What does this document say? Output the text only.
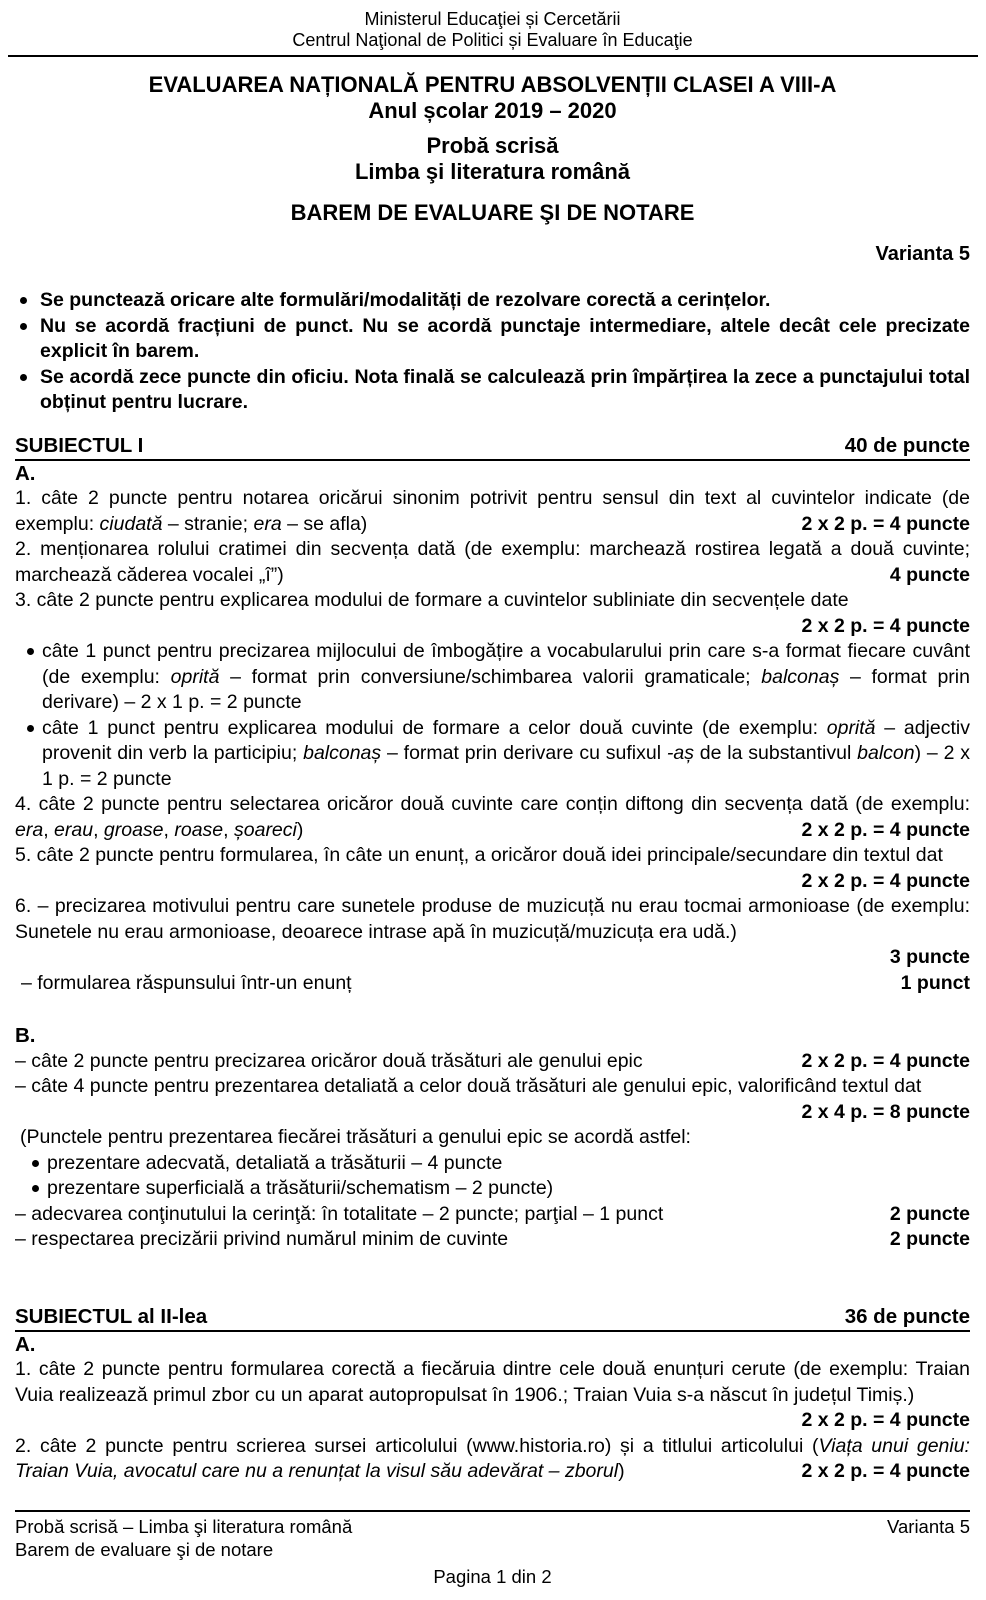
Ministerul Educaţiei și Cercetării
Centrul Naţional de Politici și Evaluare în Educaţie
EVALUAREA NAȚIONALĂ PENTRU ABSOLVENȚII CLASEI A VIII-A
Anul școlar 2019 – 2020
Probă scrisă
Limba şi literatura română
BAREM DE EVALUARE ŞI DE NOTARE
Varianta 5
Se punctează oricare alte formulări/modalități de rezolvare corectă a cerințelor.
Nu se acordă fracțiuni de punct. Nu se acordă punctaje intermediare, altele decât cele precizate explicit în barem.
Se acordă zece puncte din oficiu. Nota finală se calculează prin împărțirea la zece a punctajului total obținut pentru lucrare.
SUBIECTUL I	40 de puncte
A.
1. câte 2 puncte pentru notarea oricărui sinonim potrivit pentru sensul din text al cuvintelor indicate (de exemplu: ciudată – stranie; era – se afla)	2 x 2 p. = 4 puncte
2. menționarea rolului cratimei din secvența dată (de exemplu: marchează rostirea legată a două cuvinte; marchează căderea vocalei „î”)	4 puncte
3. câte 2 puncte pentru explicarea modului de formare a cuvintelor subliniate din secvențele date
2 x 2 p. = 4 puncte
câte 1 punct pentru precizarea mijlocului de îmbogățire a vocabularului prin care s-a format fiecare cuvânt (de exemplu: oprită – format prin conversiune/schimbarea valorii gramaticale; balconaș – format prin derivare) – 2 x 1 p. = 2 puncte
câte 1 punct pentru explicarea modului de formare a celor două cuvinte (de exemplu: oprită – adjectiv provenit din verb la participiu; balconaș – format prin derivare cu sufixul -aș de la substantivul balcon) – 2 x 1 p. = 2 puncte
4. câte 2 puncte pentru selectarea oricăror două cuvinte care conțin diftong din secvența dată (de exemplu: era, erau, groase, roase, șoareci)	2 x 2 p. = 4 puncte
5. câte 2 puncte pentru formularea, în câte un enunț, a oricăror două idei principale/secundare din textul dat
2 x 2 p. = 4 puncte
6. – precizarea motivului pentru care sunetele produse de muzicuță nu erau tocmai armonioase (de exemplu: Sunetele nu erau armonioase, deoarece intrase apă în muzicuță/muzicuța era udă.)
3 puncte
– formularea răspunsului într-un enunț	1 punct
B.
– câte 2 puncte pentru precizarea oricăror două trăsături ale genului epic	2 x 2 p. = 4 puncte
– câte 4 puncte pentru prezentarea detaliată a celor două trăsături ale genului epic, valorificând textul dat
2 x 4 p. = 8 puncte
(Punctele pentru prezentarea fiecărei trăsături a genului epic se acordă astfel:
prezentare adecvată, detaliată a trăsăturii – 4 puncte
prezentare superficială a trăsăturii/schematism – 2 puncte)
– adecvarea conţinutului la cerinţă: în totalitate – 2 puncte; parţial – 1 punct	2 puncte
– respectarea precizării privind numărul minim de cuvinte	2 puncte
SUBIECTUL al II-lea	36 de puncte
A.
1. câte 2 puncte pentru formularea corectă a fiecăruia dintre cele două enunțuri cerute (de exemplu: Traian Vuia realizează primul zbor cu un aparat autopropulsat în 1906.; Traian Vuia s-a născut în județul Timiș.)
2 x 2 p. = 4 puncte
2. câte 2 puncte pentru scrierea sursei articolului (www.historia.ro) și a titlului articolului (Viața unui geniu: Traian Vuia, avocatul care nu a renunțat la visul său adevărat – zborul)	2 x 2 p. = 4 puncte
Probă scrisă – Limba şi literatura română	Varianta 5
Barem de evaluare şi de notare
Pagina 1 din 2
